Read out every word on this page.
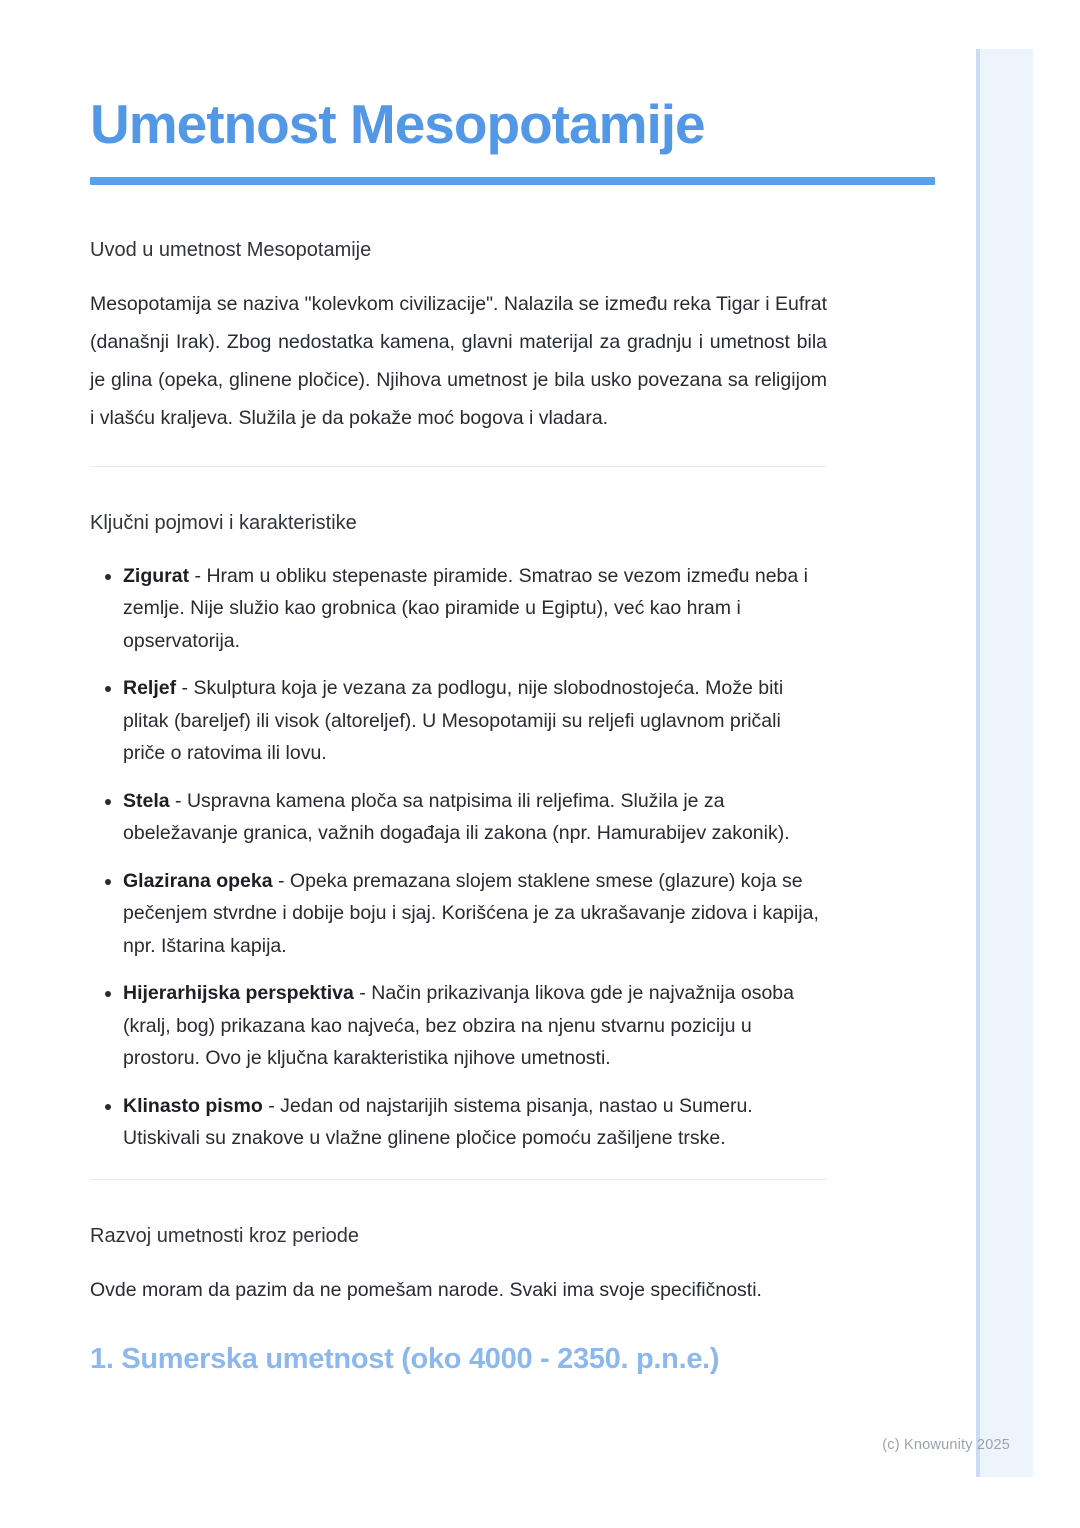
Umetnost Mesopotamije

Uvod u umetnost Mesopotamije

Mesopotamija se naziva "kolevkom civilizacije". Nalazila se između reka Tigar i Eufrat (današnji Irak). Zbog nedostatka kamena, glavni materijal za gradnju i umetnost bila je glina (opeka, glinene pločice). Njihova umetnost je bila usko povezana sa religijom i vlašću kraljeva. Služila je da pokaže moć bogova i vladara.

Ključni pojmovi i karakteristike

• Zigurat - Hram u obliku stepenaste piramide. Smatrao se vezom između neba i zemlje. Nije služio kao grobnica (kao piramide u Egiptu), već kao hram i opservatorija.
• Reljef - Skulptura koja je vezana za podlogu, nije slobodnostojeća. Može biti plitak (bareljef) ili visok (altoreljef). U Mesopotamiji su reljefi uglavnom pričali priče o ratovima ili lovu.
• Stela - Uspravna kamena ploča sa natpisima ili reljefima. Služila je za obeležavanje granica, važnih događaja ili zakona (npr. Hamurabijev zakonik).
• Glazirana opeka - Opeka premazana slojem staklene smese (glazure) koja se pečenjem stvrdne i dobije boju i sjaj. Korišćena je za ukrašavanje zidova i kapija, npr. Ištarina kapija.
• Hijerarhijska perspektiva - Način prikazivanja likova gde je najvažnija osoba (kralj, bog) prikazana kao najveća, bez obzira na njenu stvarnu poziciju u prostoru. Ovo je ključna karakteristika njihove umetnosti.
• Klinasto pismo - Jedan od najstarijih sistema pisanja, nastao u Sumeru. Utiskivali su znakove u vlažne glinene pločice pomoću zašiljene trske.

Razvoj umetnosti kroz periode

Ovde moram da pazim da ne pomešam narode. Svaki ima svoje specifičnosti.

1. Sumerska umetnost (oko 4000 - 2350. p.n.e.)
(c) Knowunity 2025
